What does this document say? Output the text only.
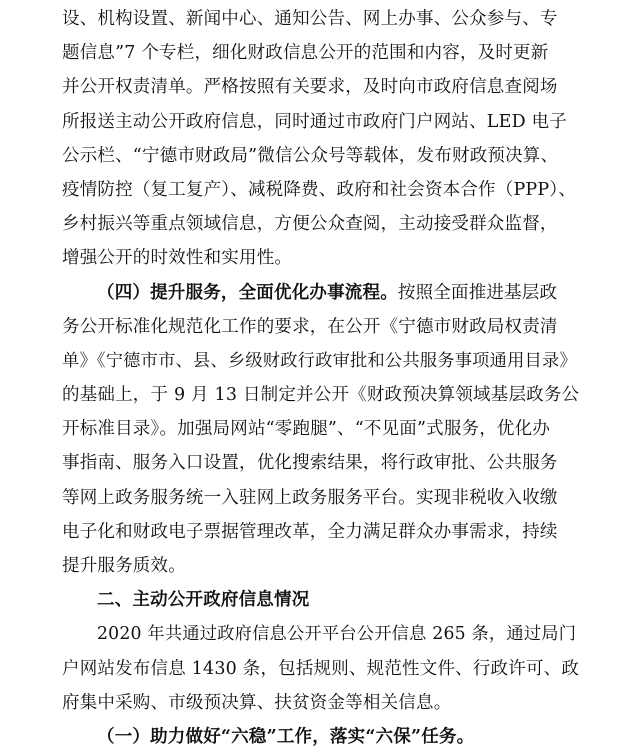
设、机构设置、新闻中心、通知公告、网上办事、公众参与、专
题信息”7 个专栏，细化财政信息公开的范围和内容，及时更新
并公开权责清单。严格按照有关要求，及时向市政府信息查阅场
所报送主动公开政府信息，同时通过市政府门户网站、LED 电子
公示栏、“宁德市财政局”微信公众号等载体，发布财政预决算、
疫情防控（复工复产）、减税降费、政府和社会资本合作（PPP）、
乡村振兴等重点领域信息，方便公众查阅，主动接受群众监督，
增强公开的时效性和实用性。
（四）提升服务，全面优化办事流程。按照全面推进基层政
务公开标准化规范化工作的要求，在公开《宁德市财政局权责清
单》《宁德市市、县、乡级财政行政审批和公共服务事项通用目录》
的基础上，于 9 月 13 日制定并公开《财政预决算领域基层政务公
开标准目录》。加强局网站“零跑腿”、“不见面”式服务，优化办
事指南、服务入口设置，优化搜索结果，将行政审批、公共服务
等网上政务服务统一入驻网上政务服务平台。实现非税收入收缴
电子化和财政电子票据管理改革，全力满足群众办事需求，持续
提升服务质效。
二、主动公开政府信息情况
2020 年共通过政府信息公开平台公开信息 265 条，通过局门
户网站发布信息 1430 条，包括规则、规范性文件、行政许可、政
府集中采购、市级预决算、扶贫资金等相关信息。
（一）助力做好“六稳”工作，落实“六保”任务。
